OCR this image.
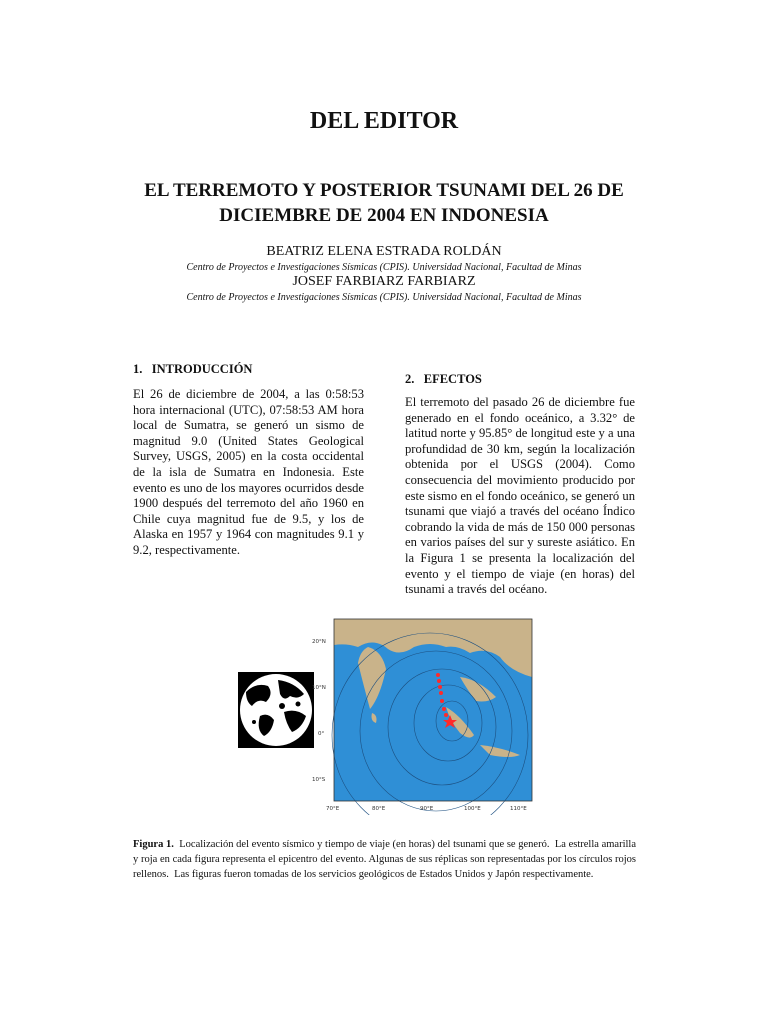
DEL EDITOR
EL TERREMOTO Y POSTERIOR TSUNAMI DEL 26 DE
DICIEMBRE DE 2004 EN INDONESIA
BEATRIZ ELENA ESTRADA ROLDÁN
Centro de Proyectos e Investigaciones Sísmicas (CPIS). Universidad Nacional, Facultad de Minas
JOSEF FARBIARZ FARBIARZ
Centro de Proyectos e Investigaciones Sísmicas (CPIS). Universidad Nacional, Facultad de Minas
1.   INTRODUCCIÓN
El 26 de diciembre de 2004, a las 0:58:53 hora internacional (UTC), 07:58:53 AM hora local de Sumatra, se generó un sismo de magnitud 9.0 (United States Geological Survey, USGS, 2005) en la costa occidental de la isla de Sumatra en Indonesia. Este evento es uno de los mayores ocurridos desde 1900 después del terremoto del año 1960 en Chile cuya magnitud fue de 9.5, y los de Alaska en 1957 y 1964 con magnitudes 9.1 y 9.2, respectivamente.
2.   EFECTOS
El terremoto del pasado 26 de diciembre fue generado en el fondo oceánico, a 3.32° de latitud norte y 95.85° de longitud este y a una profundidad de 30 km, según la localización obtenida por el USGS (2004). Como consecuencia del movimiento producido por este sismo en el fondo oceánico, se generó un tsunami que viajó a través del océano Índico cobrando la vida de más de 150 000 personas en varios países del sur y sureste asiático. En la Figura 1 se presenta la localización del evento y el tiempo de viaje (en horas) del tsunami a través del océano.
20°N
10°N
0°
10°S
70°E	80°E	90°E	100°E	110°E
Figura 1.  Localización del evento sísmico y tiempo de viaje (en horas) del tsunami que se generó.  La estrella amarilla y roja en cada figura representa el epicentro del evento. Algunas de sus réplicas son representadas por los círculos rojos rellenos.  Las figuras fueron tomadas de los servicios geológicos de Estados Unidos y Japón respectivamente.
